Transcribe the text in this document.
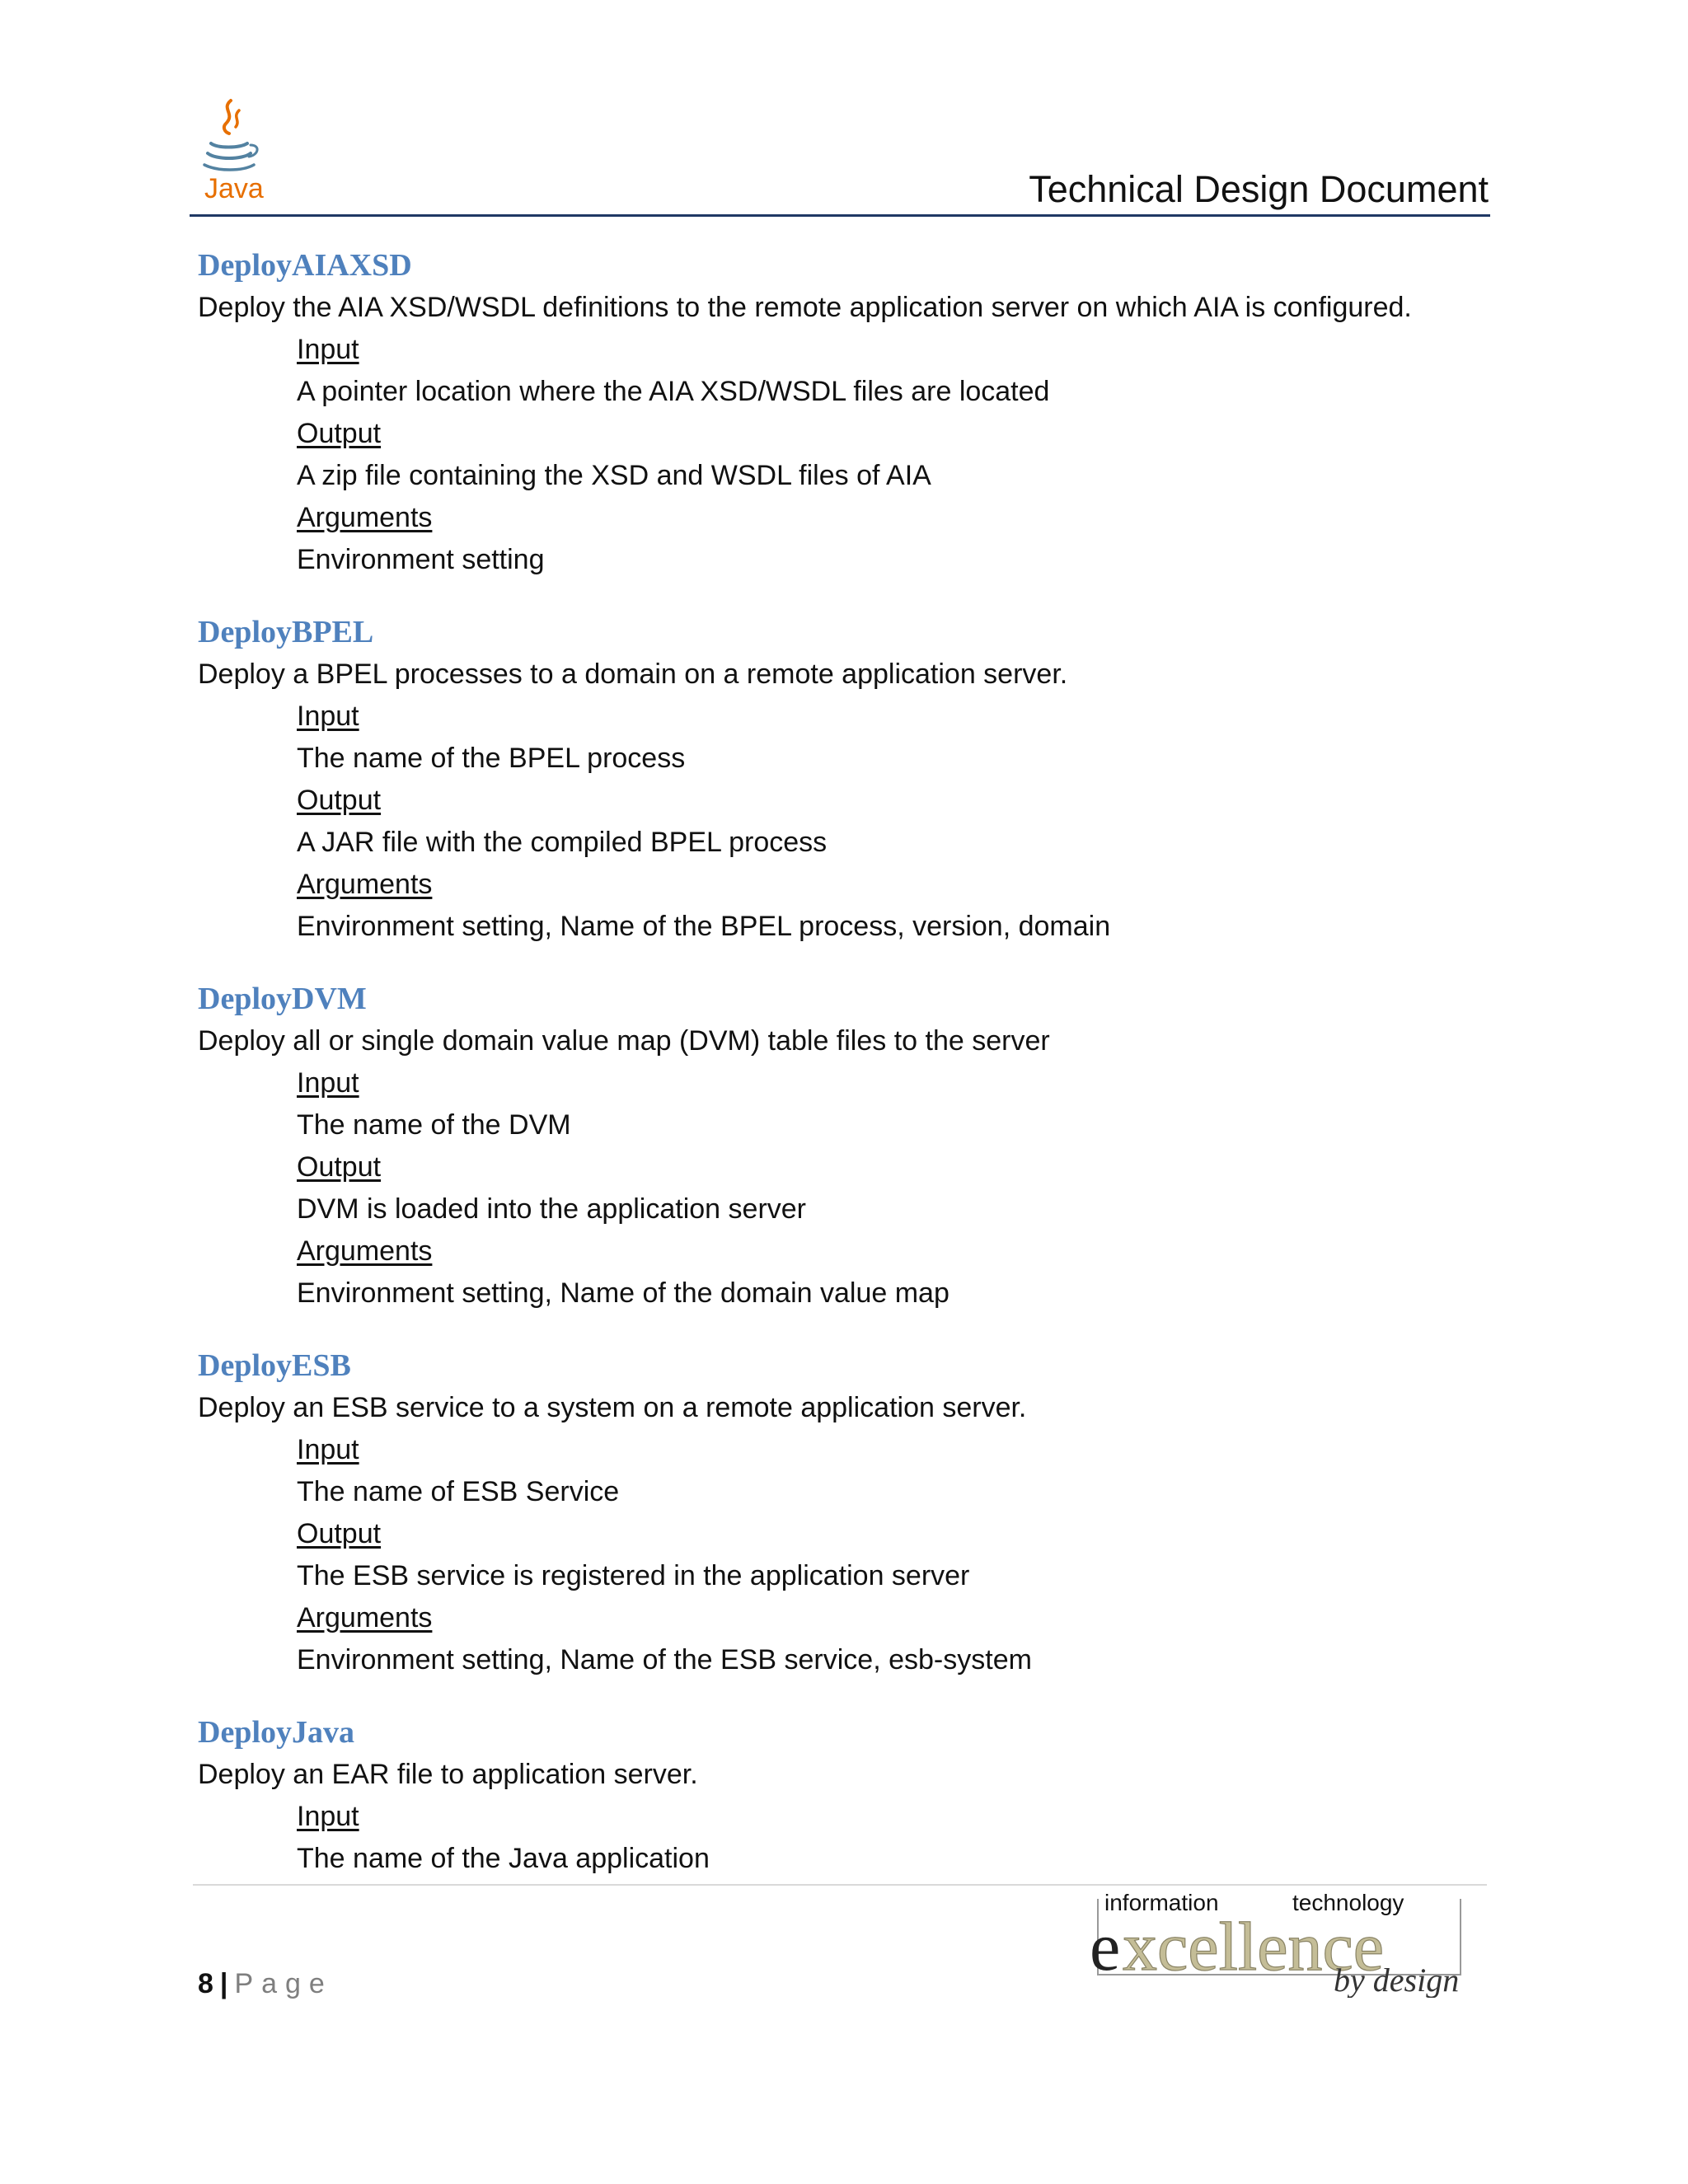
Java	Technical Design Document
DeployAIAXSD
Deploy the AIA XSD/WSDL definitions to the remote application server on which AIA is configured.
Input
A pointer location where the AIA XSD/WSDL files are located
Output
A zip file containing the XSD and WSDL files of AIA
Arguments
Environment setting
DeployBPEL
Deploy a BPEL processes to a domain on a remote application server.
Input
The name of the BPEL process
Output
A JAR file with the compiled BPEL process
Arguments
Environment setting, Name of the BPEL process, version, domain
DeployDVM
Deploy all or single domain value map (DVM) table files to the server
Input
The name of the DVM
Output
DVM is loaded into the application server
Arguments
Environment setting, Name of the domain value map
DeployESB
Deploy an ESB service to a system on a remote application server.
Input
The name of ESB Service
Output
The ESB service is registered in the application server
Arguments
Environment setting, Name of the ESB service, esb-system
DeployJava
Deploy an EAR file to application server.
Input
The name of the Java application
8 | Page
information	technology
e xcellence
by design
